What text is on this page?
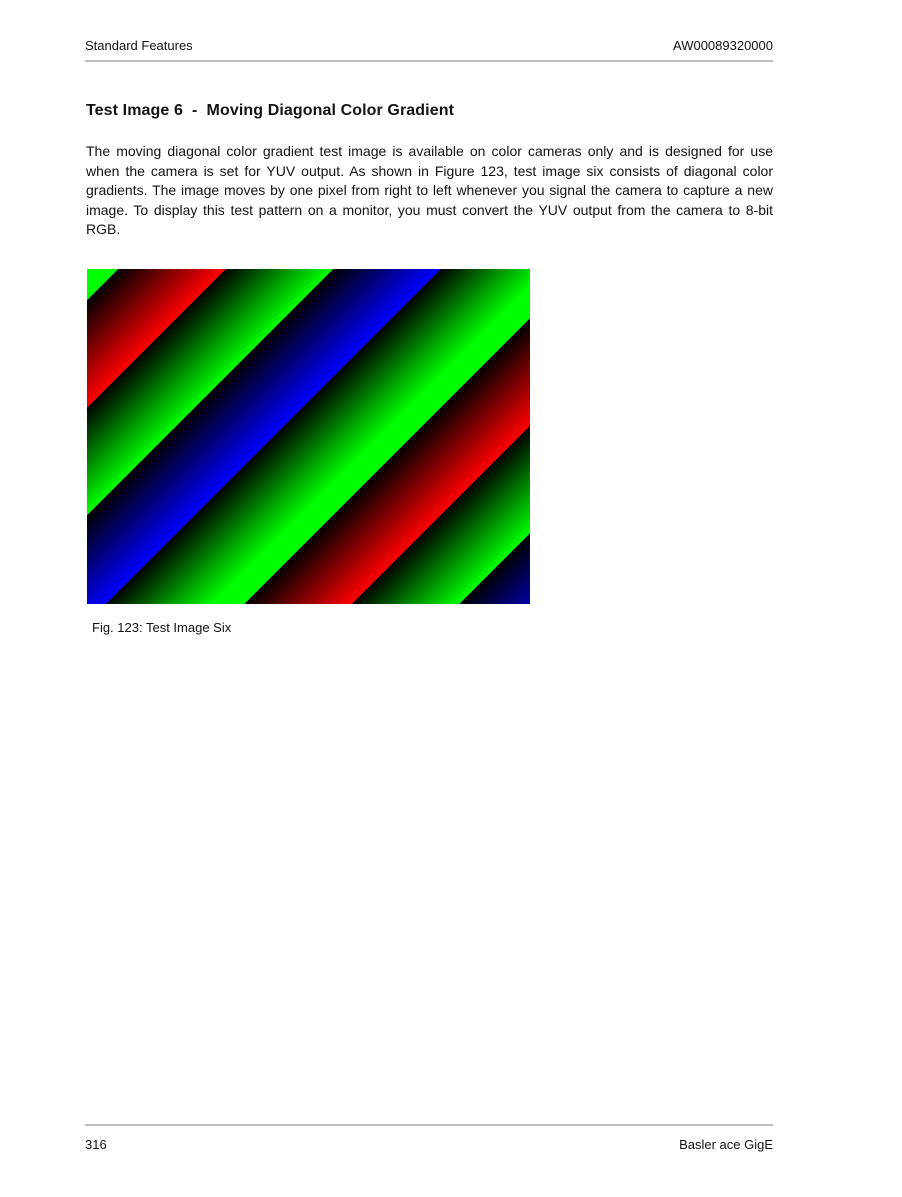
Standard Features	AW00089320000
Test Image 6  -  Moving Diagonal Color Gradient

The moving diagonal color gradient test image is available on color cameras only and is designed for use when the camera is set for YUV output. As shown in Figure 123, test image six consists of diagonal color gradients. The image moves by one pixel from right to left whenever you signal the camera to capture a new image. To display this test pattern on a monitor, you must convert the YUV output from the camera to 8-bit RGB.

Fig. 123: Test Image Six
316	Basler ace GigE
